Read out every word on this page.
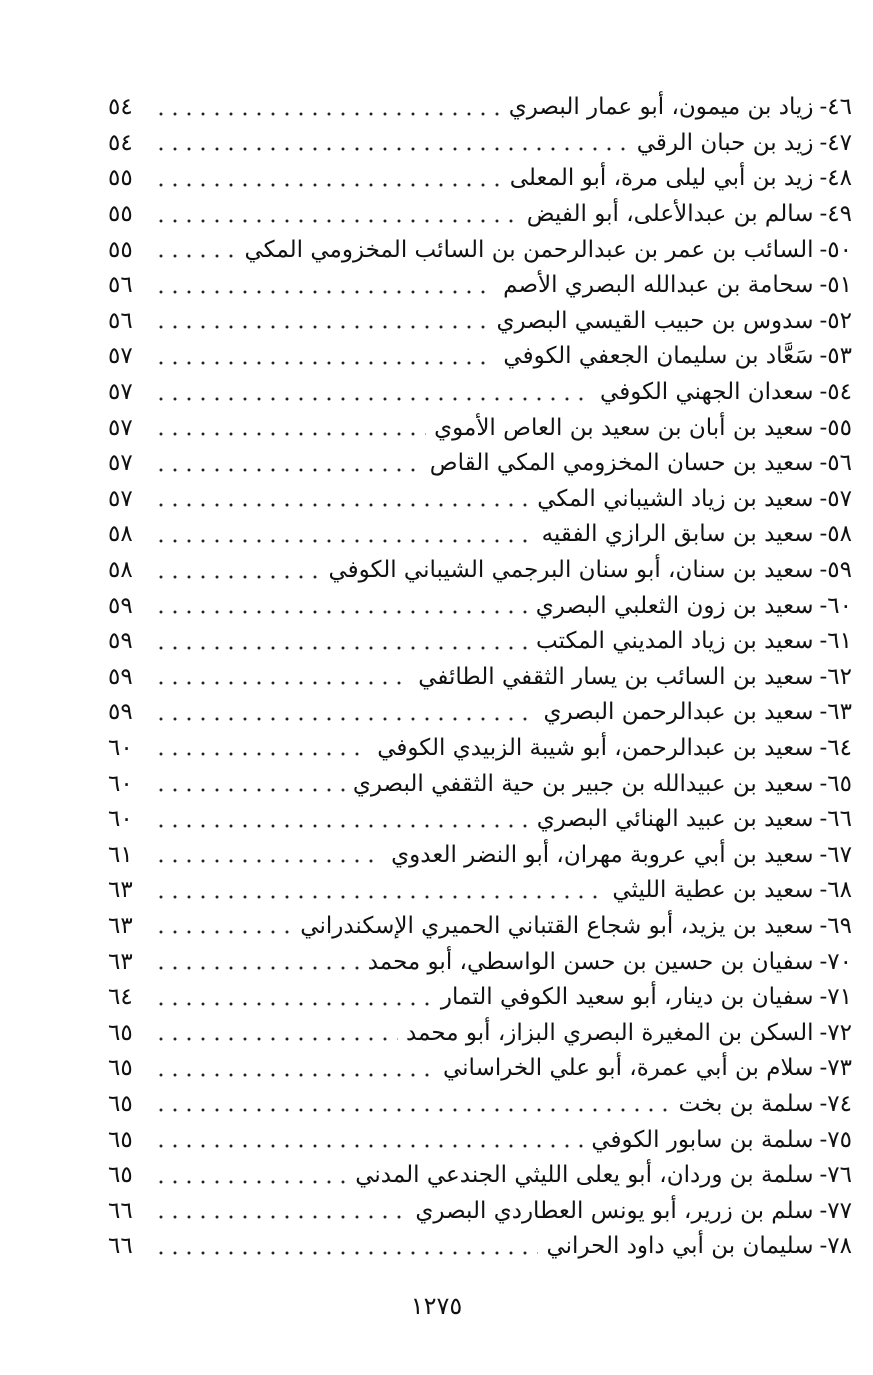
٤٦-
زياد بن ميمون، أبو عمار البصري
٥٤
٤٧-
زيد بن حبان الرقي
٥٤
٤٨-
زيد بن أبي ليلى مرة، أبو المعلى
٥٥
٤٩-
سالم بن عبدالأعلى، أبو الفيض
٥٥
٥٠-
السائب بن عمر بن عبدالرحمن بن السائب المخزومي المكي
٥٥
٥١-
سحامة بن عبدالله البصري الأصم
٥٦
٥٢-
سدوس بن حبيب القيسي البصري
٥٦
٥٣-
سَعَّاد بن سليمان الجعفي الكوفي
٥٧
٥٤-
سعدان الجهني الكوفي
٥٧
٥٥-
سعيد بن أبان بن سعيد بن العاص الأموي
٥٧
٥٦-
سعيد بن حسان المخزومي المكي القاص
٥٧
٥٧-
سعيد بن زياد الشيباني المكي
٥٧
٥٨-
سعيد بن سابق الرازي الفقيه
٥٨
٥٩-
سعيد بن سنان، أبو سنان البرجمي الشيباني الكوفي
٥٨
٦٠-
سعيد بن زون الثعلبي البصري
٥٩
٦١-
سعيد بن زياد المديني المكتب
٥٩
٦٢-
سعيد بن السائب بن يسار الثقفي الطائفي
٥٩
٦٣-
سعيد بن عبدالرحمن البصري
٥٩
٦٤-
سعيد بن عبدالرحمن، أبو شيبة الزبيدي الكوفي
٦٠
٦٥-
سعيد بن عبيدالله بن جبير بن حية الثقفي البصري
٦٠
٦٦-
سعيد بن عبيد الهنائي البصري
٦٠
٦٧-
سعيد بن أبي عروبة مهران، أبو النضر العدوي
٦١
٦٨-
سعيد بن عطية الليثي
٦٣
٦٩-
سعيد بن يزيد، أبو شجاع القتباني الحميري الإسكندراني
٦٣
٧٠-
سفيان بن حسين بن حسن الواسطي، أبو محمد
٦٣
٧١-
سفيان بن دينار، أبو سعيد الكوفي التمار
٦٤
٧٢-
السكن بن المغيرة البصري البزاز، أبو محمد
٦٥
٧٣-
سلام بن أبي عمرة، أبو علي الخراساني
٦٥
٧٤-
سلمة بن بخت
٦٥
٧٥-
سلمة بن سابور الكوفي
٦٥
٧٦-
سلمة بن وردان، أبو يعلى الليثي الجندعي المدني
٦٥
٧٧-
سلم بن زرير، أبو يونس العطاردي البصري
٦٦
٧٨-
سليمان بن أبي داود الحراني
٦٦
١٢٧٥
